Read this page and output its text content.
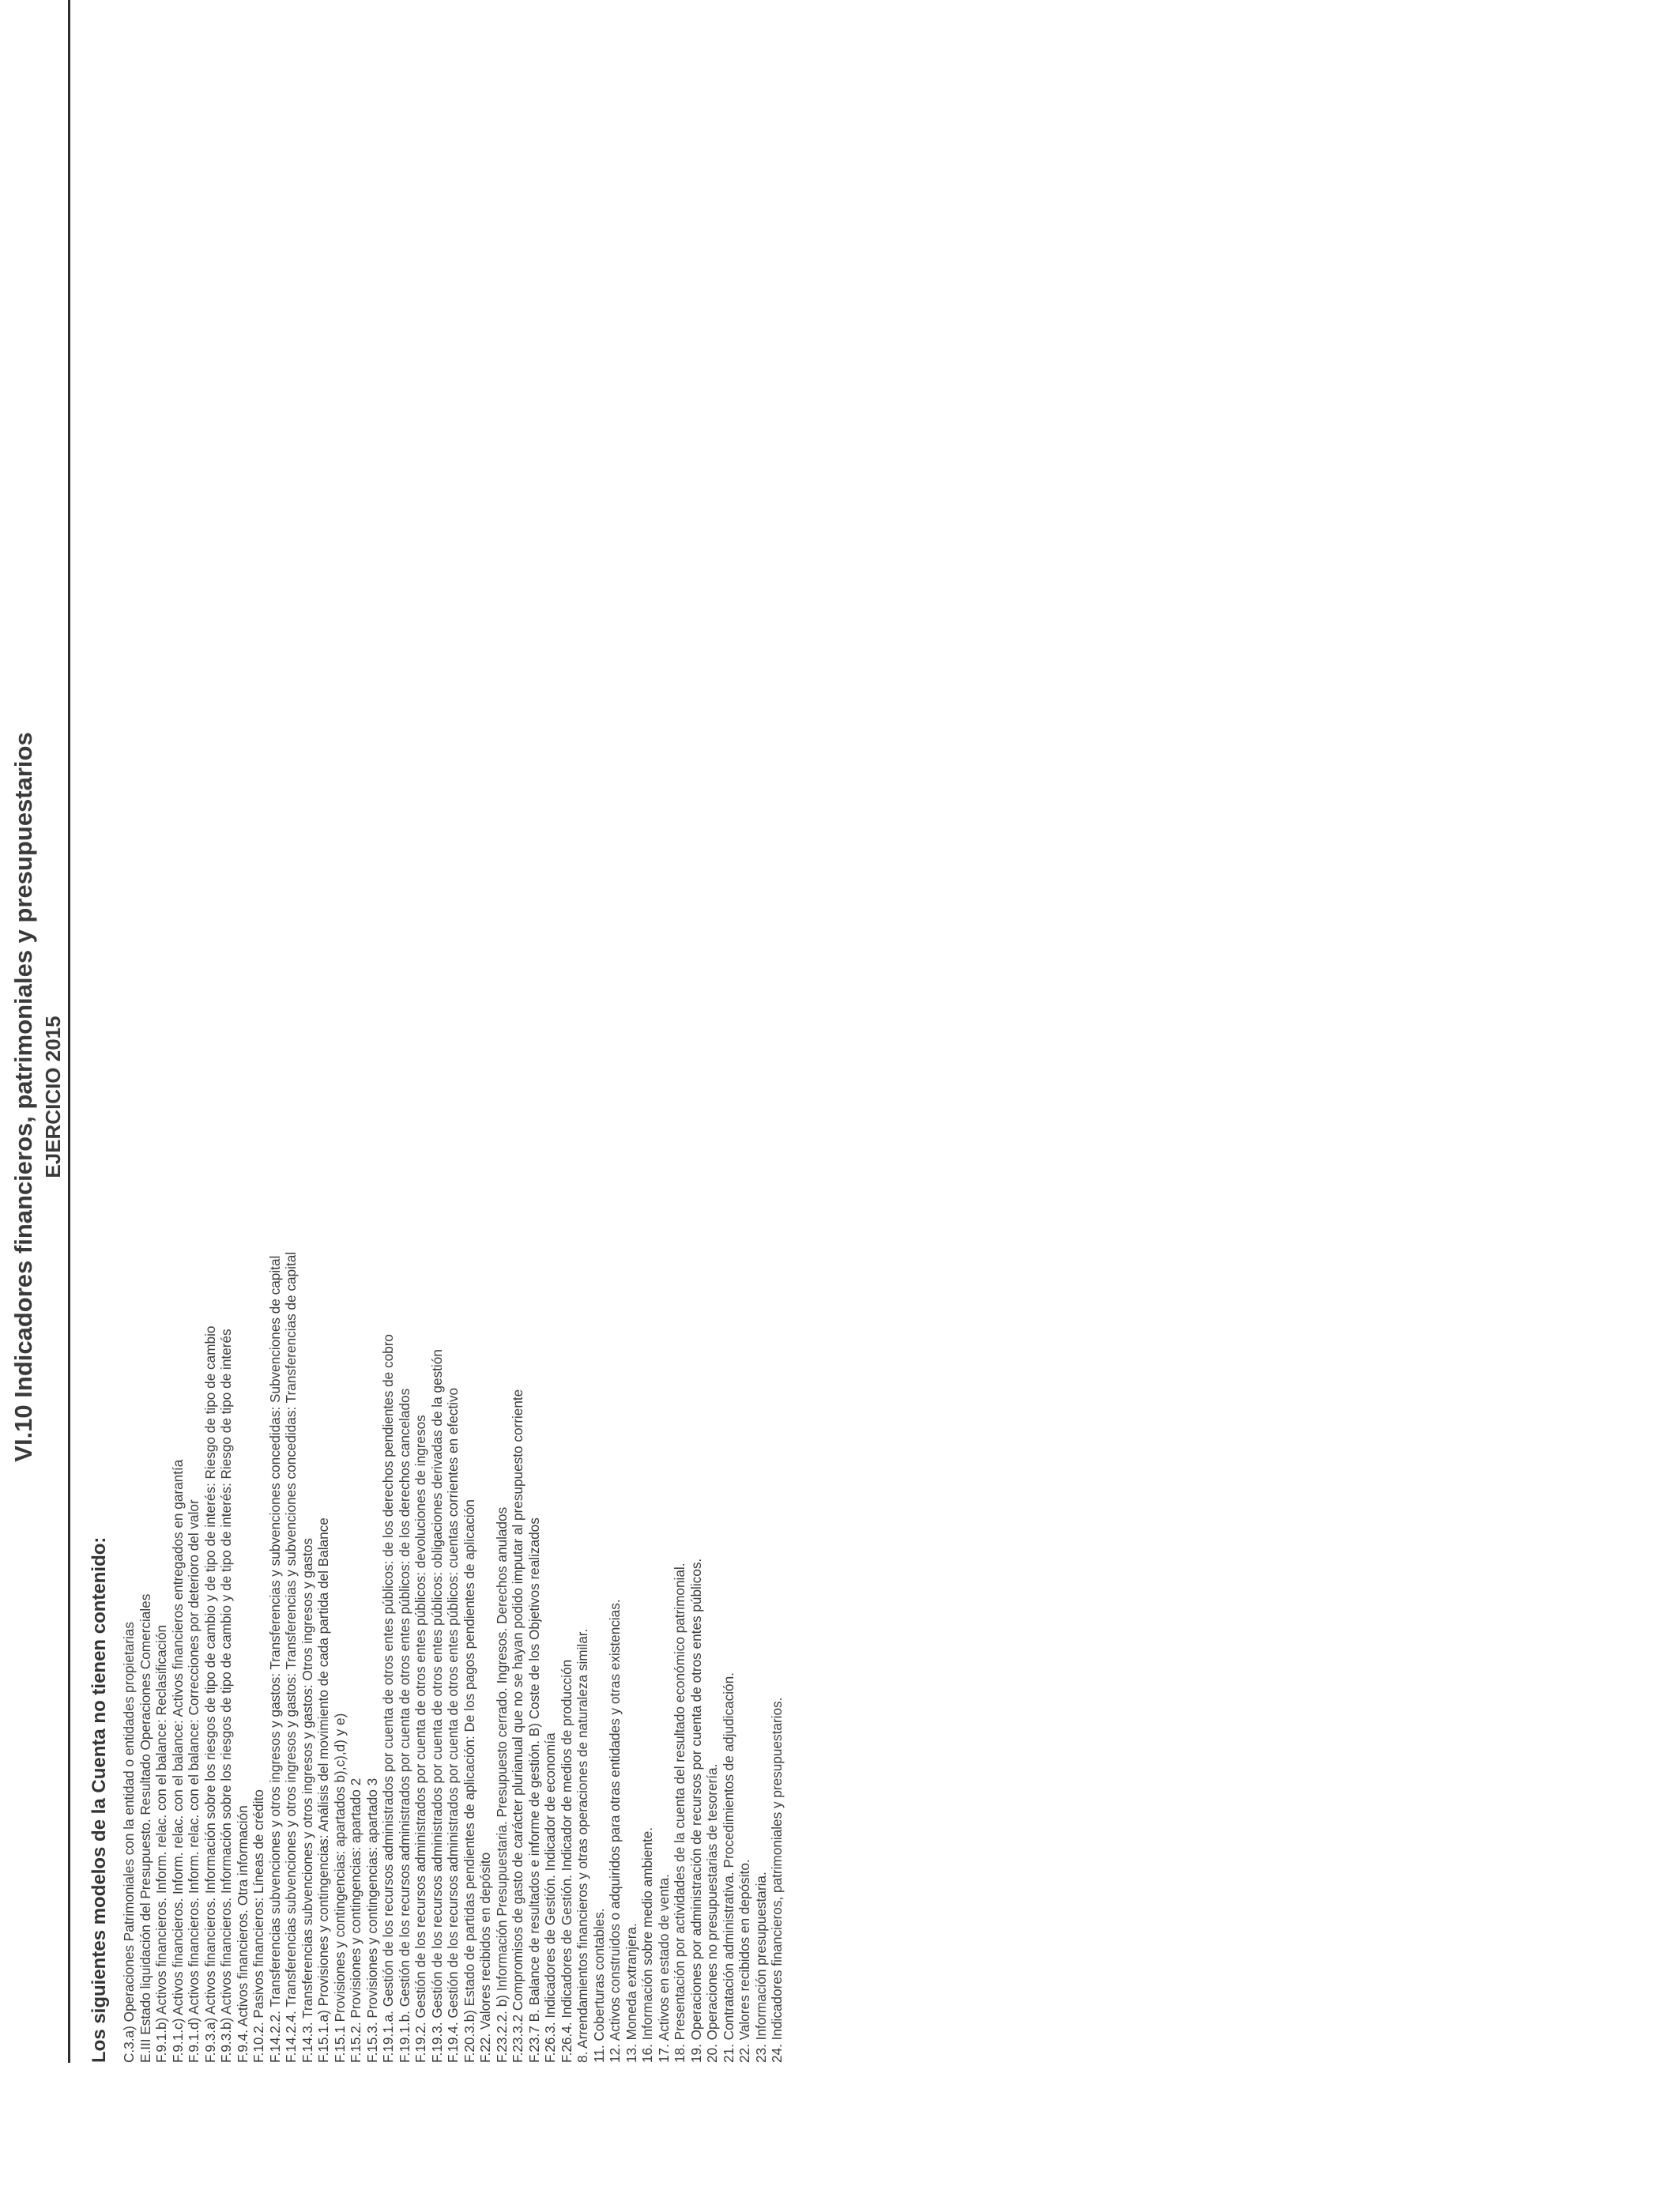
VI.10 Indicadores financieros, patrimoniales y presupuestarios EJERCICIO 2015
Los siguientes modelos de la Cuenta no tienen contenido: C.3.a) Operaciones Patrimoniales con la entidad o entidades propietarias E.III Estado liquidación del Presupuesto. Resultado Operaciones Comerciales F.9.1.b) Activos financieros. Inform. relac. con el balance: Reclasificación F.9.1.c) Activos financieros. Inform. relac. con el balance: Activos financieros entregados en garantía F.9.1.d) Activos financieros. Inform. relac. con el balance: Correcciones por deterioro del valor F.9.3.a) Activos financieros. Información sobre los riesgos de tipo de cambio y de tipo de interés: Riesgo de tipo de cambio F.9.3.b) Activos financieros. Información sobre los riesgos de tipo de cambio y de tipo de interés: Riesgo de tipo de interés F.9.4. Activos financieros. Otra información F.10.2. Pasivos financieros: Líneas de crédito F.14.2.2. Transferencias subvenciones y otros ingresos y gastos: Transferencias y subvenciones concedidas: Subvenciones de capital F.14.2.4. Transferencias subvenciones y otros ingresos y gastos: Transferencias y subvenciones concedidas: Transferencias de capital F.14.3. Transferencias subvenciones y otros ingresos y gastos: Otros ingresos y gastos F.15.1.a) Provisiones y contingencias: Análisis del movimiento de cada partida del Balance F.15.1 Provisiones y contingencias: apartados b),c),d) y e) F.15.2. Provisiones y contingencias: apartado 2 F.15.3. Provisiones y contingencias: apartado 3 F.19.1.a. Gestión de los recursos administrados por cuenta de otros entes públicos: de los derechos pendientes de cobro F.19.1.b. Gestión de los recursos administrados por cuenta de otros entes públicos: de los derechos cancelados F.19.2. Gestión de los recursos administrados por cuenta de otros entes públicos: devoluciones de ingresos F.19.3. Gestión de los recursos administrados por cuenta de otros entes públicos: obligaciones derivadas de la gestión F.19.4. Gestión de los recursos administrados por cuenta de otros entes públicos: cuentas corrientes en efectivo F.20.3.b) Estado de partidas pendientes de aplicación: De los pagos pendientes de aplicación F.22. Valores recibidos en depósito F.23.2.2. b) Información Presupuestaria. Presupuesto cerrado. Ingresos. Derechos anulados F.23.3.2 Compromisos de gasto de carácter plurianual que no se hayan podido imputar al presupuesto corriente F.23.7 B. Balance de resultados e informe de gestión. B) Coste de los Objetivos realizados F.26.3. Indicadores de Gestión. Indicador de economía F.26.4. Indicadores de Gestión. Indicador de medios de producción 8. Arrendamientos financieros y otras operaciones de naturaleza similar. 11. Coberturas contables. 12. Activos construidos o adquiridos para otras entidades y otras existencias. 13. Moneda extranjera. 16. Información sobre medio ambiente. 17. Activos en estado de venta. 18. Presentación por actividades de la cuenta del resultado económico patrimonial. 19. Operaciones por administración de recursos por cuenta de otros entes públicos. 20. Operaciones no presupuestarias de tesorería. 21. Contratación administrativa. Procedimientos de adjudicación. 22. Valores recibidos en depósito. 23. Información presupuestaria. 24. Indicadores financieros, patrimoniales y presupuestarios.
